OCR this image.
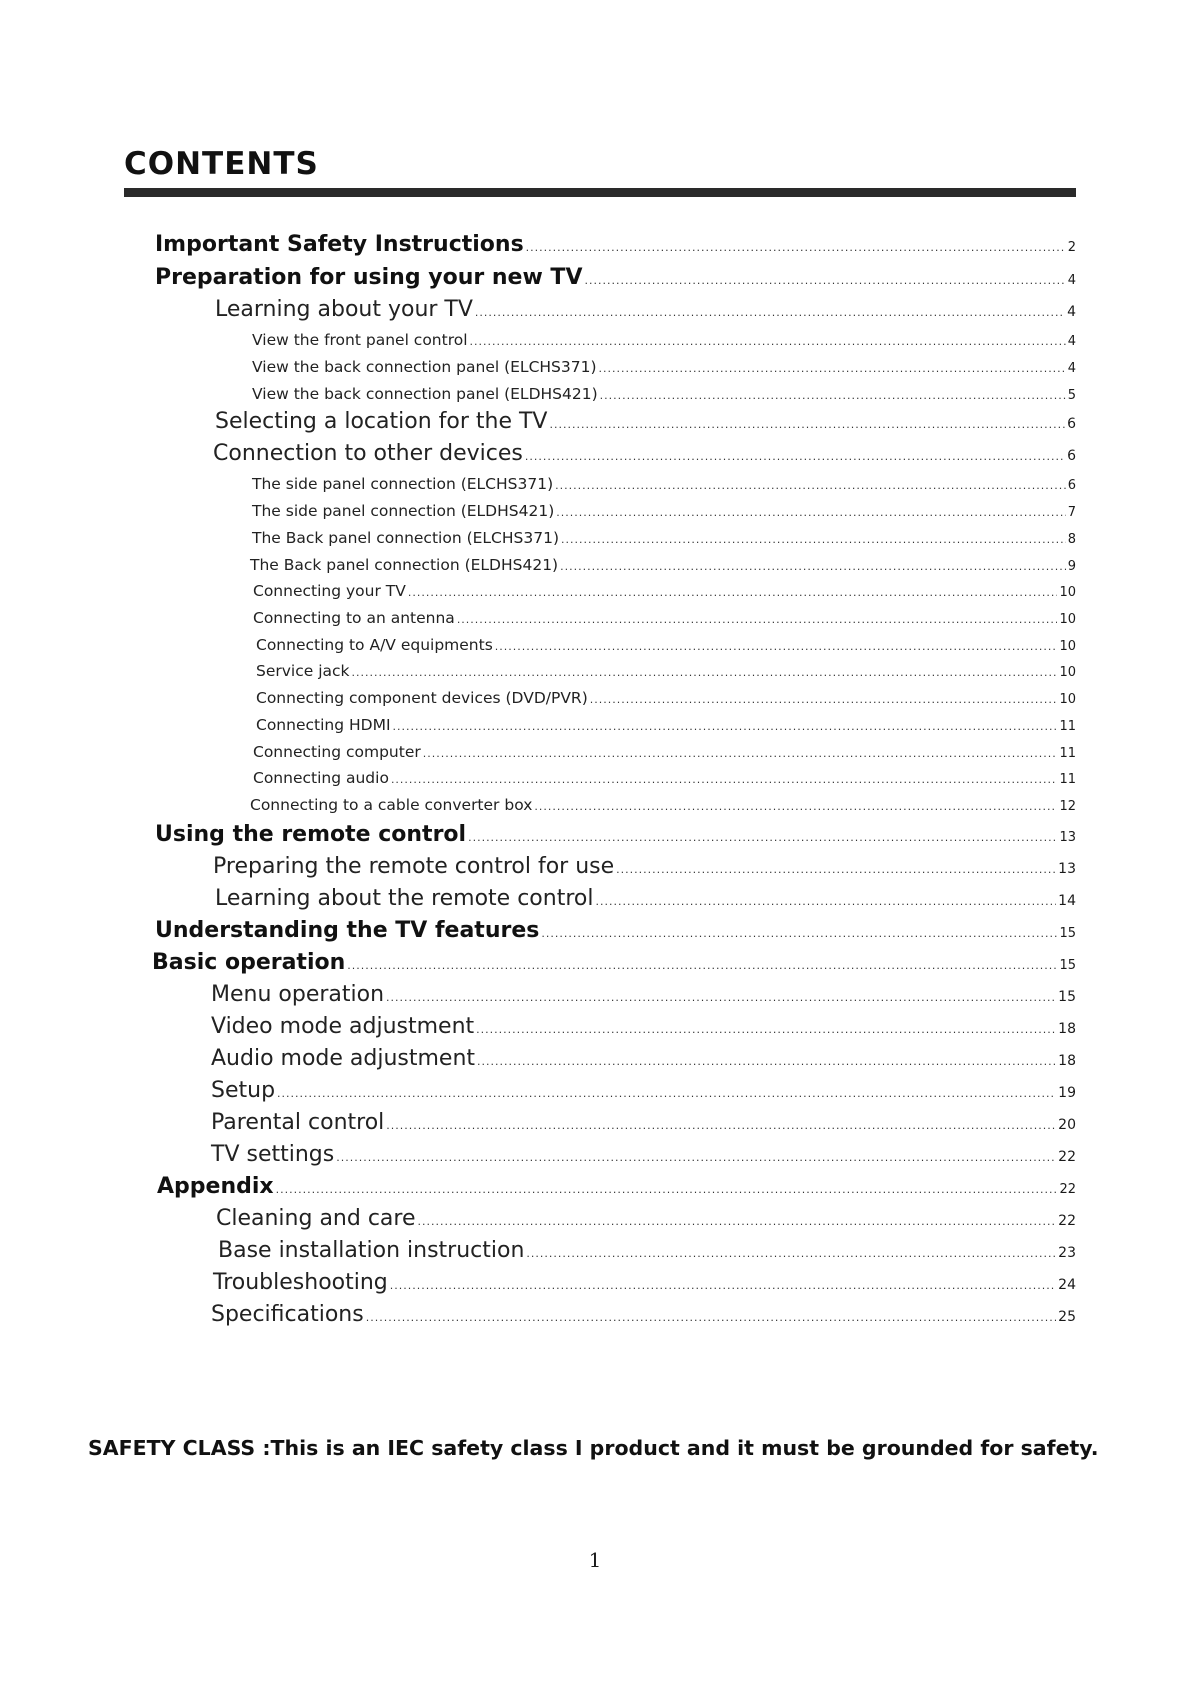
CONTENTS
Important Safety Instructions .....	2
Preparation for using your new TV .....	4
Learning about your TV .....	4
View the front panel control .....	4
View the back connection panel (ELCHS371) .....	4
View the back connection panel (ELDHS421) .....	5
Selecting a location for the TV .....	6
Connection to other devices .....	6
The side panel connection (ELCHS371) .....	6
The side panel connection (ELDHS421) .....	7
The Back panel connection (ELCHS371) .....	8
The Back panel connection (ELDHS421) .....	9
Connecting your TV .....	10
Connecting to an antenna .....	10
Connecting to A/V equipments .....	10
Service jack .....	10
Connecting component devices (DVD/PVR) .....	10
Connecting HDMI .....	11
Connecting computer .....	11
Connecting audio .....	11
Connecting to a cable converter box .....	12
Using the remote control .....	13
Preparing the remote control for use .....	13
Learning about the remote control .....	14
Understanding the TV features .....	15
Basic operation .....	15
Menu operation .....	15
Video mode adjustment .....	18
Audio mode adjustment .....	18
Setup .....	19
Parental control .....	20
TV settings .....	22
Appendix .....	22
Cleaning and care .....	22
Base installation instruction .....	23
Troubleshooting .....	24
Specifications .....	25
SAFETY CLASS :This is an IEC safety class I product and it must be grounded for safety.
1
